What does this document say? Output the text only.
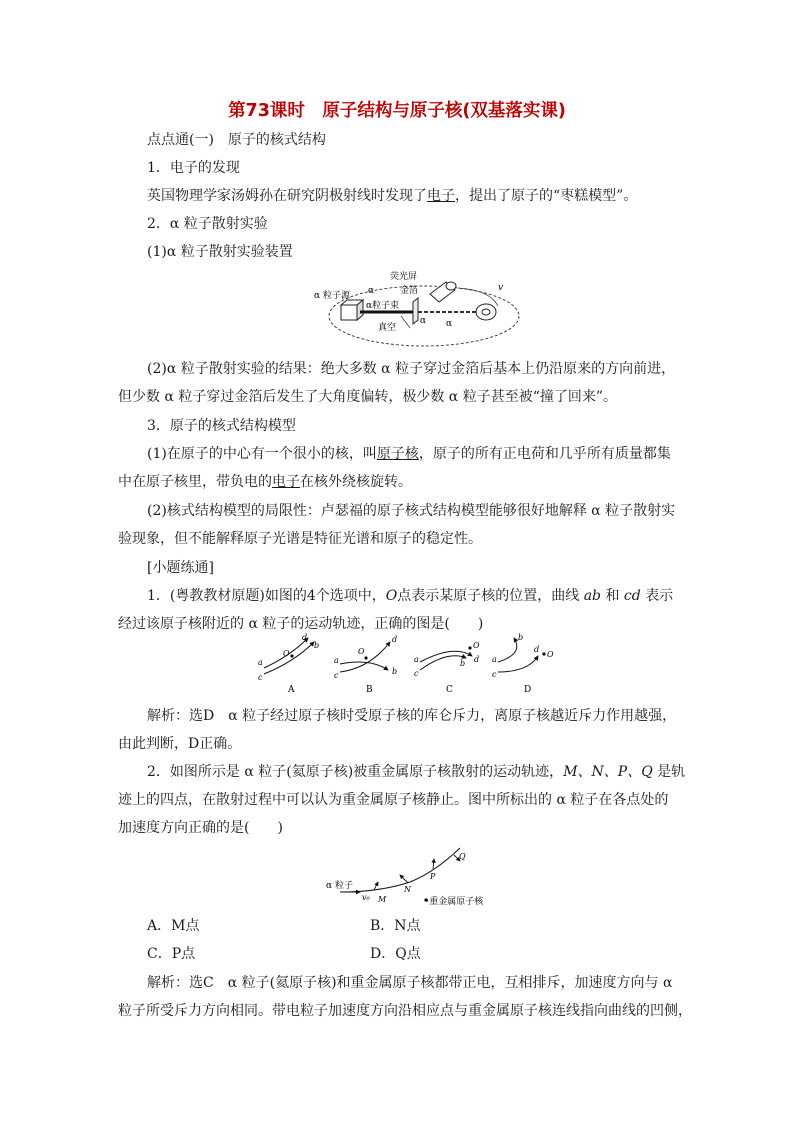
第73课时　原子结构与原子核(双基落实课)
点点通(一)　原子的核式结构
1．电子的发现
英国物理学家汤姆孙在研究阴极射线时发现了电子，提出了原子的“枣糕模型”。
2．α 粒子散射实验
(1)α 粒子散射实验装置
荧光屏
金箔
α 粒子源
α粒子束
真空
α
α α
v
(2)α 粒子散射实验的结果：绝大多数 α 粒子穿过金箔后基本上仍沿原来的方向前进，
但少数 α 粒子穿过金箔后发生了大角度偏转，极少数 α 粒子甚至被“撞了回来”。
3．原子的核式结构模型
(1)在原子的中心有一个很小的核，叫原子核，原子的所有正电荷和几乎所有质量都集
中在原子核里，带负电的电子在核外绕核旋转。
(2)核式结构模型的局限性：卢瑟福的原子核式结构模型能够很好地解释 α 粒子散射实
验现象，但不能解释原子光谱是特征光谱和原子的稳定性。
[小题练通]
1．(粤教教材原题)如图的4个选项中，O点表示某原子核的位置，曲线 ab 和 cd 表示
经过该原子核附近的 α 粒子的运动轨迹，正确的图是(　　)
O
a
c
d
b
A
O
a
c
d
b
B
O
a
c
d
b
C
O
a
c
b
d
D
解析：选D　α 粒子经过原子核时受原子核的库仑斥力，离原子核越近斥力作用越强，
由此判断，D正确。
2．如图所示是 α 粒子(氦原子核)被重金属原子核散射的运动轨迹，M、N、P、Q 是轨
迹上的四点，在散射过程中可以认为重金属原子核静止。图中所标出的 α 粒子在各点处的
加速度方向正确的是(　　)
α 粒子
v₀ M
N
P
Q
•重金属原子核
A．M点	B．N点
C．P点	D．Q点
解析：选C　α 粒子(氦原子核)和重金属原子核都带正电，互相排斥，加速度方向与 α
粒子所受斥力方向相同。带电粒子加速度方向沿相应点与重金属原子核连线指向曲线的凹侧，
